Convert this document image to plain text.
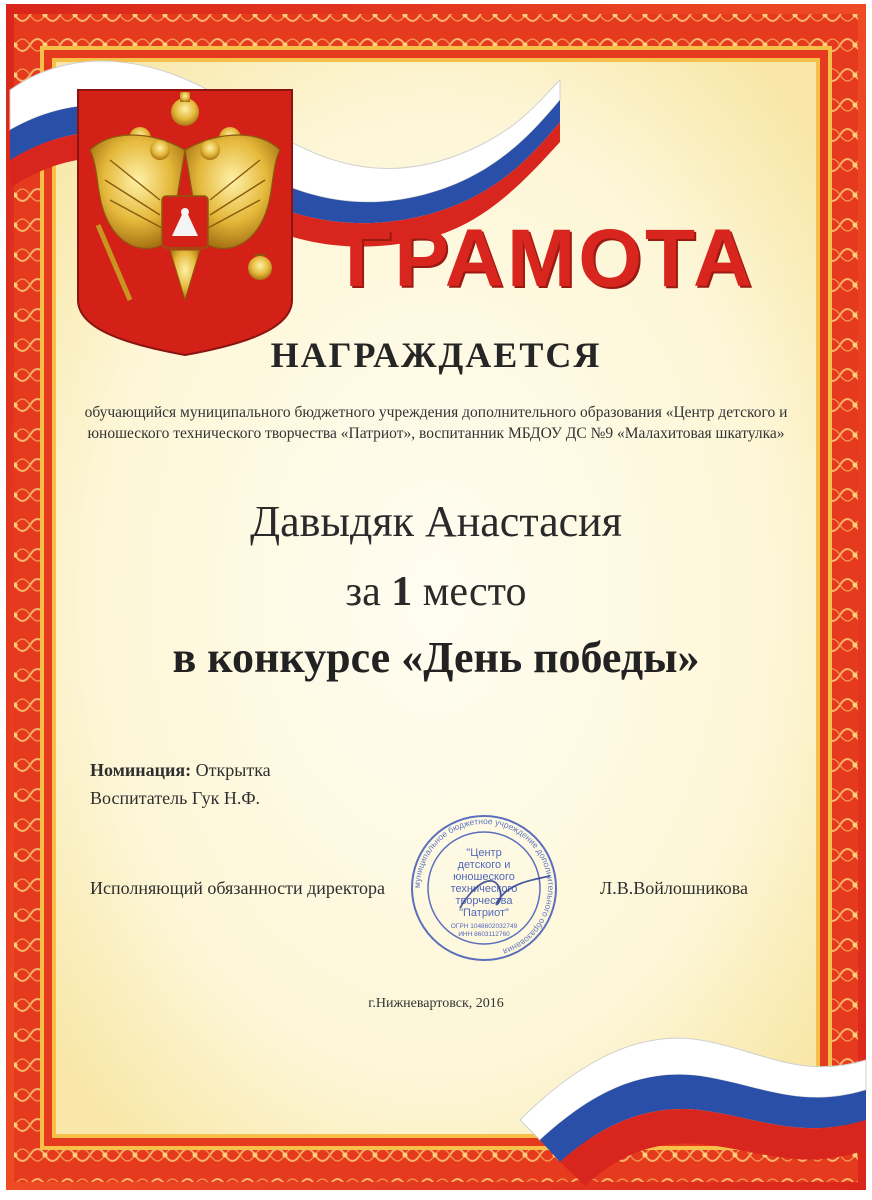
ГРАМОТА
НАГРАЖДАЕТСЯ
обучающийся муниципального бюджетного учреждения дополнительного образования «Центр детского и юношеского технического творчества «Патриот», воспитанник МБДОУ ДС №9 «Малахитовая шкатулка»
Давыдяк Анастасия
за 1 место
в конкурсе «День победы»
Номинация: Открытка
Воспитатель Гук Н.Ф.
Исполняющий обязанности директора	Л.В.Войлошникова
муниципальное бюджетное учреждение дополнительного образования
"Центр
детского и
юношеского
технического
творчества
"Патриот"
ОГРН 1048602032749
ИНН 8603112760
г.Нижневартовск, 2016
